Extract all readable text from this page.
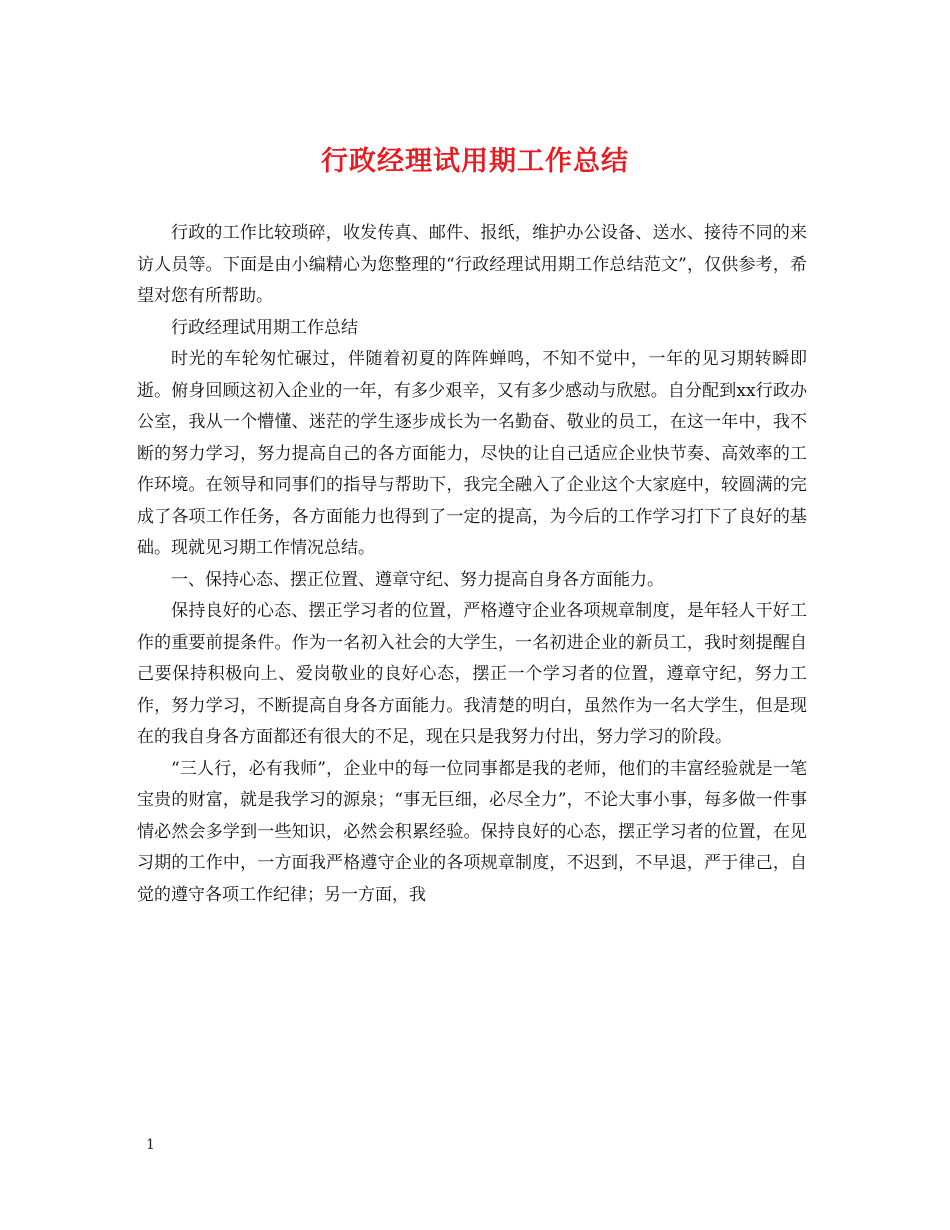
行政经理试用期工作总结

行政的工作比较琐碎，收发传真、邮件、报纸，维护办公设备、送水、接待不同的来访人员等。下面是由小编精心为您整理的“行政经理试用期工作总结范文”，仅供参考，希望对您有所帮助。

行政经理试用期工作总结

时光的车轮匆忙碾过，伴随着初夏的阵阵蝉鸣，不知不觉中，一年的见习期转瞬即逝。俯身回顾这初入企业的一年，有多少艰辛，又有多少感动与欣慰。自分配到xx行政办公室，我从一个懵懂、迷茫的学生逐步成长为一名勤奋、敬业的员工，在这一年中，我不断的努力学习，努力提高自己的各方面能力，尽快的让自己适应企业快节奏、高效率的工作环境。在领导和同事们的指导与帮助下，我完全融入了企业这个大家庭中，较圆满的完成了各项工作任务，各方面能力也得到了一定的提高，为今后的工作学习打下了良好的基础。现就见习期工作情况总结。

一、保持心态、摆正位置、遵章守纪、努力提高自身各方面能力。

保持良好的心态、摆正学习者的位置，严格遵守企业各项规章制度，是年轻人干好工作的重要前提条件。作为一名初入社会的大学生，一名初进企业的新员工，我时刻提醒自己要保持积极向上、爱岗敬业的良好心态，摆正一个学习者的位置，遵章守纪，努力工作，努力学习，不断提高自身各方面能力。我清楚的明白，虽然作为一名大学生，但是现在的我自身各方面都还有很大的不足，现在只是我努力付出，努力学习的阶段。

“三人行，必有我师”，企业中的每一位同事都是我的老师，他们的丰富经验就是一笔宝贵的财富，就是我学习的源泉；“事无巨细，必尽全力”，不论大事小事，每多做一件事情必然会多学到一些知识，必然会积累经验。保持良好的心态，摆正学习者的位置，在见习期的工作中，一方面我严格遵守企业的各项规章制度，不迟到，不早退，严于律己，自觉的遵守各项工作纪律；另一方面，我

1
